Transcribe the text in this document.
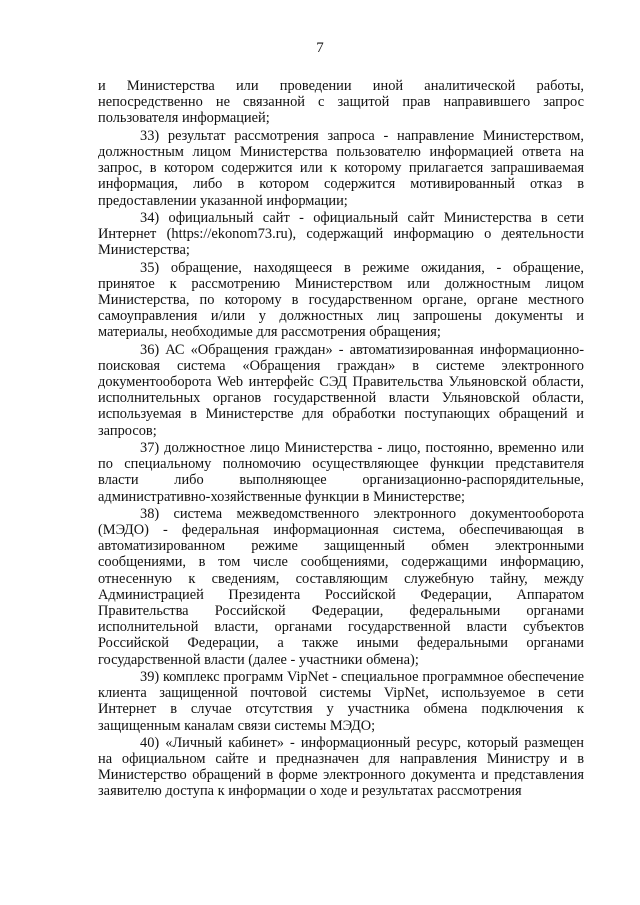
7

и Министерства или проведении иной аналитической работы, непосредственно не связанной с защитой прав направившего запрос пользователя информацией;

33) результат рассмотрения запроса - направление Министерством, должностным лицом Министерства пользователю информацией ответа на запрос, в котором содержится или к которому прилагается запрашиваемая информация, либо в котором содержится мотивированный отказ в предоставлении указанной информации;

34) официальный сайт - официальный сайт Министерства в сети Интернет (https://ekonom73.ru), содержащий информацию о деятельности Министерства;

35) обращение, находящееся в режиме ожидания, - обращение, принятое к рассмотрению Министерством или должностным лицом Министерства, по которому в государственном органе, органе местного самоуправления и/или у должностных лиц запрошены документы и материалы, необходимые для рассмотрения обращения;

36) АС «Обращения граждан» - автоматизированная информационно-поисковая система «Обращения граждан» в системе электронного документооборота Web интерфейс СЭД Правительства Ульяновской области, исполнительных органов государственной власти Ульяновской области, используемая в Министерстве для обработки поступающих обращений и запросов;

37) должностное лицо Министерства - лицо, постоянно, временно или по специальному полномочию осуществляющее функции представителя власти либо выполняющее организационно-распорядительные, административно-хозяйственные функции в Министерстве;

38) система межведомственного электронного документооборота (МЭДО) - федеральная информационная система, обеспечивающая в автоматизированном режиме защищенный обмен электронными сообщениями, в том числе сообщениями, содержащими информацию, отнесенную к сведениям, составляющим служебную тайну, между Администрацией Президента Российской Федерации, Аппаратом Правительства Российской Федерации, федеральными органами исполнительной власти, органами государственной власти субъектов Российской Федерации, а также иными федеральными органами государственной власти (далее - участники обмена);

39) комплекс программ VipNet - специальное программное обеспечение клиента защищенной почтовой системы VipNet, используемое в сети Интернет в случае отсутствия у участника обмена подключения к защищенным каналам связи системы МЭДО;

40) «Личный кабинет» - информационный ресурс, который размещен на официальном сайте и предназначен для направления Министру и в Министерство обращений в форме электронного документа и представления заявителю доступа к информации о ходе и результатах рассмотрения
